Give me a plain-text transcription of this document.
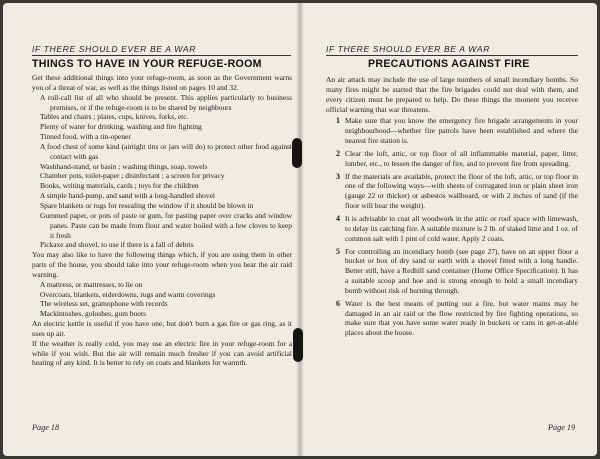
IF THERE SHOULD EVER BE A WAR
THINGS TO HAVE IN YOUR REFUGE-ROOM

Get these additional things into your refuge-room, as soon as the Government warns you of a threat of war, as well as the things listed on pages 10 and 32.

A roll-call list of all who should be present. This applies particularly to business premises, or if the refuge-room is to be shared by neighbours

Tables and chairs ; plates, cups, knives, forks, etc.

Plenty of water for drinking, washing and fire fighting

Tinned food, with a tin-opener

A food chest of some kind (airtight tins or jars will do) to protect other food against contact with gas

Washhand-stand, or basin ; washing things, soap, towels

Chamber pots, toilet-paper ; disinfectant ; a screen for privacy

Books, writing materials, cards ; toys for the children

A simple hand-pump, and sand with a long-handled shovel

Spare blankets or rugs for resealing the window if it should be blown in

Gummed paper, or pots of paste or gum, for pasting paper over cracks and window panes. Paste can be made from flour and water boiled with a few cloves to keep it fresh

Pickaxe and shovel, to use if there is a fall of debris

You may also like to have the following things which, if you are using them in other parts of the house, you should take into your refuge-room when you hear the air raid warning.

A mattress, or mattresses, to lie on

Overcoats, blankets, eiderdowns, rugs and warm coverings

The wireless set, gramophone with records

Mackintoshes, goloshes, gum boots

An electric kettle is useful if you have one, but don't burn a gas fire or gas ring, as it uses up air.

If the weather is really cold, you may use an electric fire in your refuge-room for a while if you wish. But the air will remain much fresher if you can avoid artificial heating of any kind. It is better to rely on coats and blankets for warmth.

Page 18
IF THERE SHOULD EVER BE A WAR
PRECAUTIONS AGAINST FIRE

An air attack may include the use of large numbers of small incendiary bombs. So many fires might be started that the fire brigades could not deal with them, and every citizen must be prepared to help. Do these things the moment you receive official warning that war threatens.

1 Make sure that you know the emergency fire brigade arrangements in your neighbourhood—whether fire patrols have been established and where the nearest fire station is.
2 Clear the loft, attic, or top floor of all inflammable material, paper, litter, lumber, etc., to lessen the danger of fire, and to prevent fire from spreading.
3 If the materials are available, protect the floor of the loft, attic, or top floor in one of the following ways—with sheets of corrugated iron or plain sheet iron (gauge 22 or thicker) or asbestos wallboard, or with 2 inches of sand (if the floor will bear the weight).
4 It is advisable to coat all woodwork in the attic or roof space with limewash, to delay its catching fire. A suitable mixture is 2 lb. of slaked lime and 1 oz. of common salt with 1 pint of cold water. Apply 2 coats.
5 For controlling an incendiary bomb (see page 27), have on an upper floor a bucket or box of dry sand or earth with a shovel fitted with a long handle. Better still, have a Redhill sand container (Home Office Specification). It has a suitable scoop and hoe and is strong enough to hold a small incendiary bomb without risk of burning through.
6 Water is the best means of putting out a fire, but water mains may be damaged in an air raid or the flow restricted by fire fighting operations, so make sure that you have some water ready in buckets or cans in get-at-able places about the house.
Page 19
